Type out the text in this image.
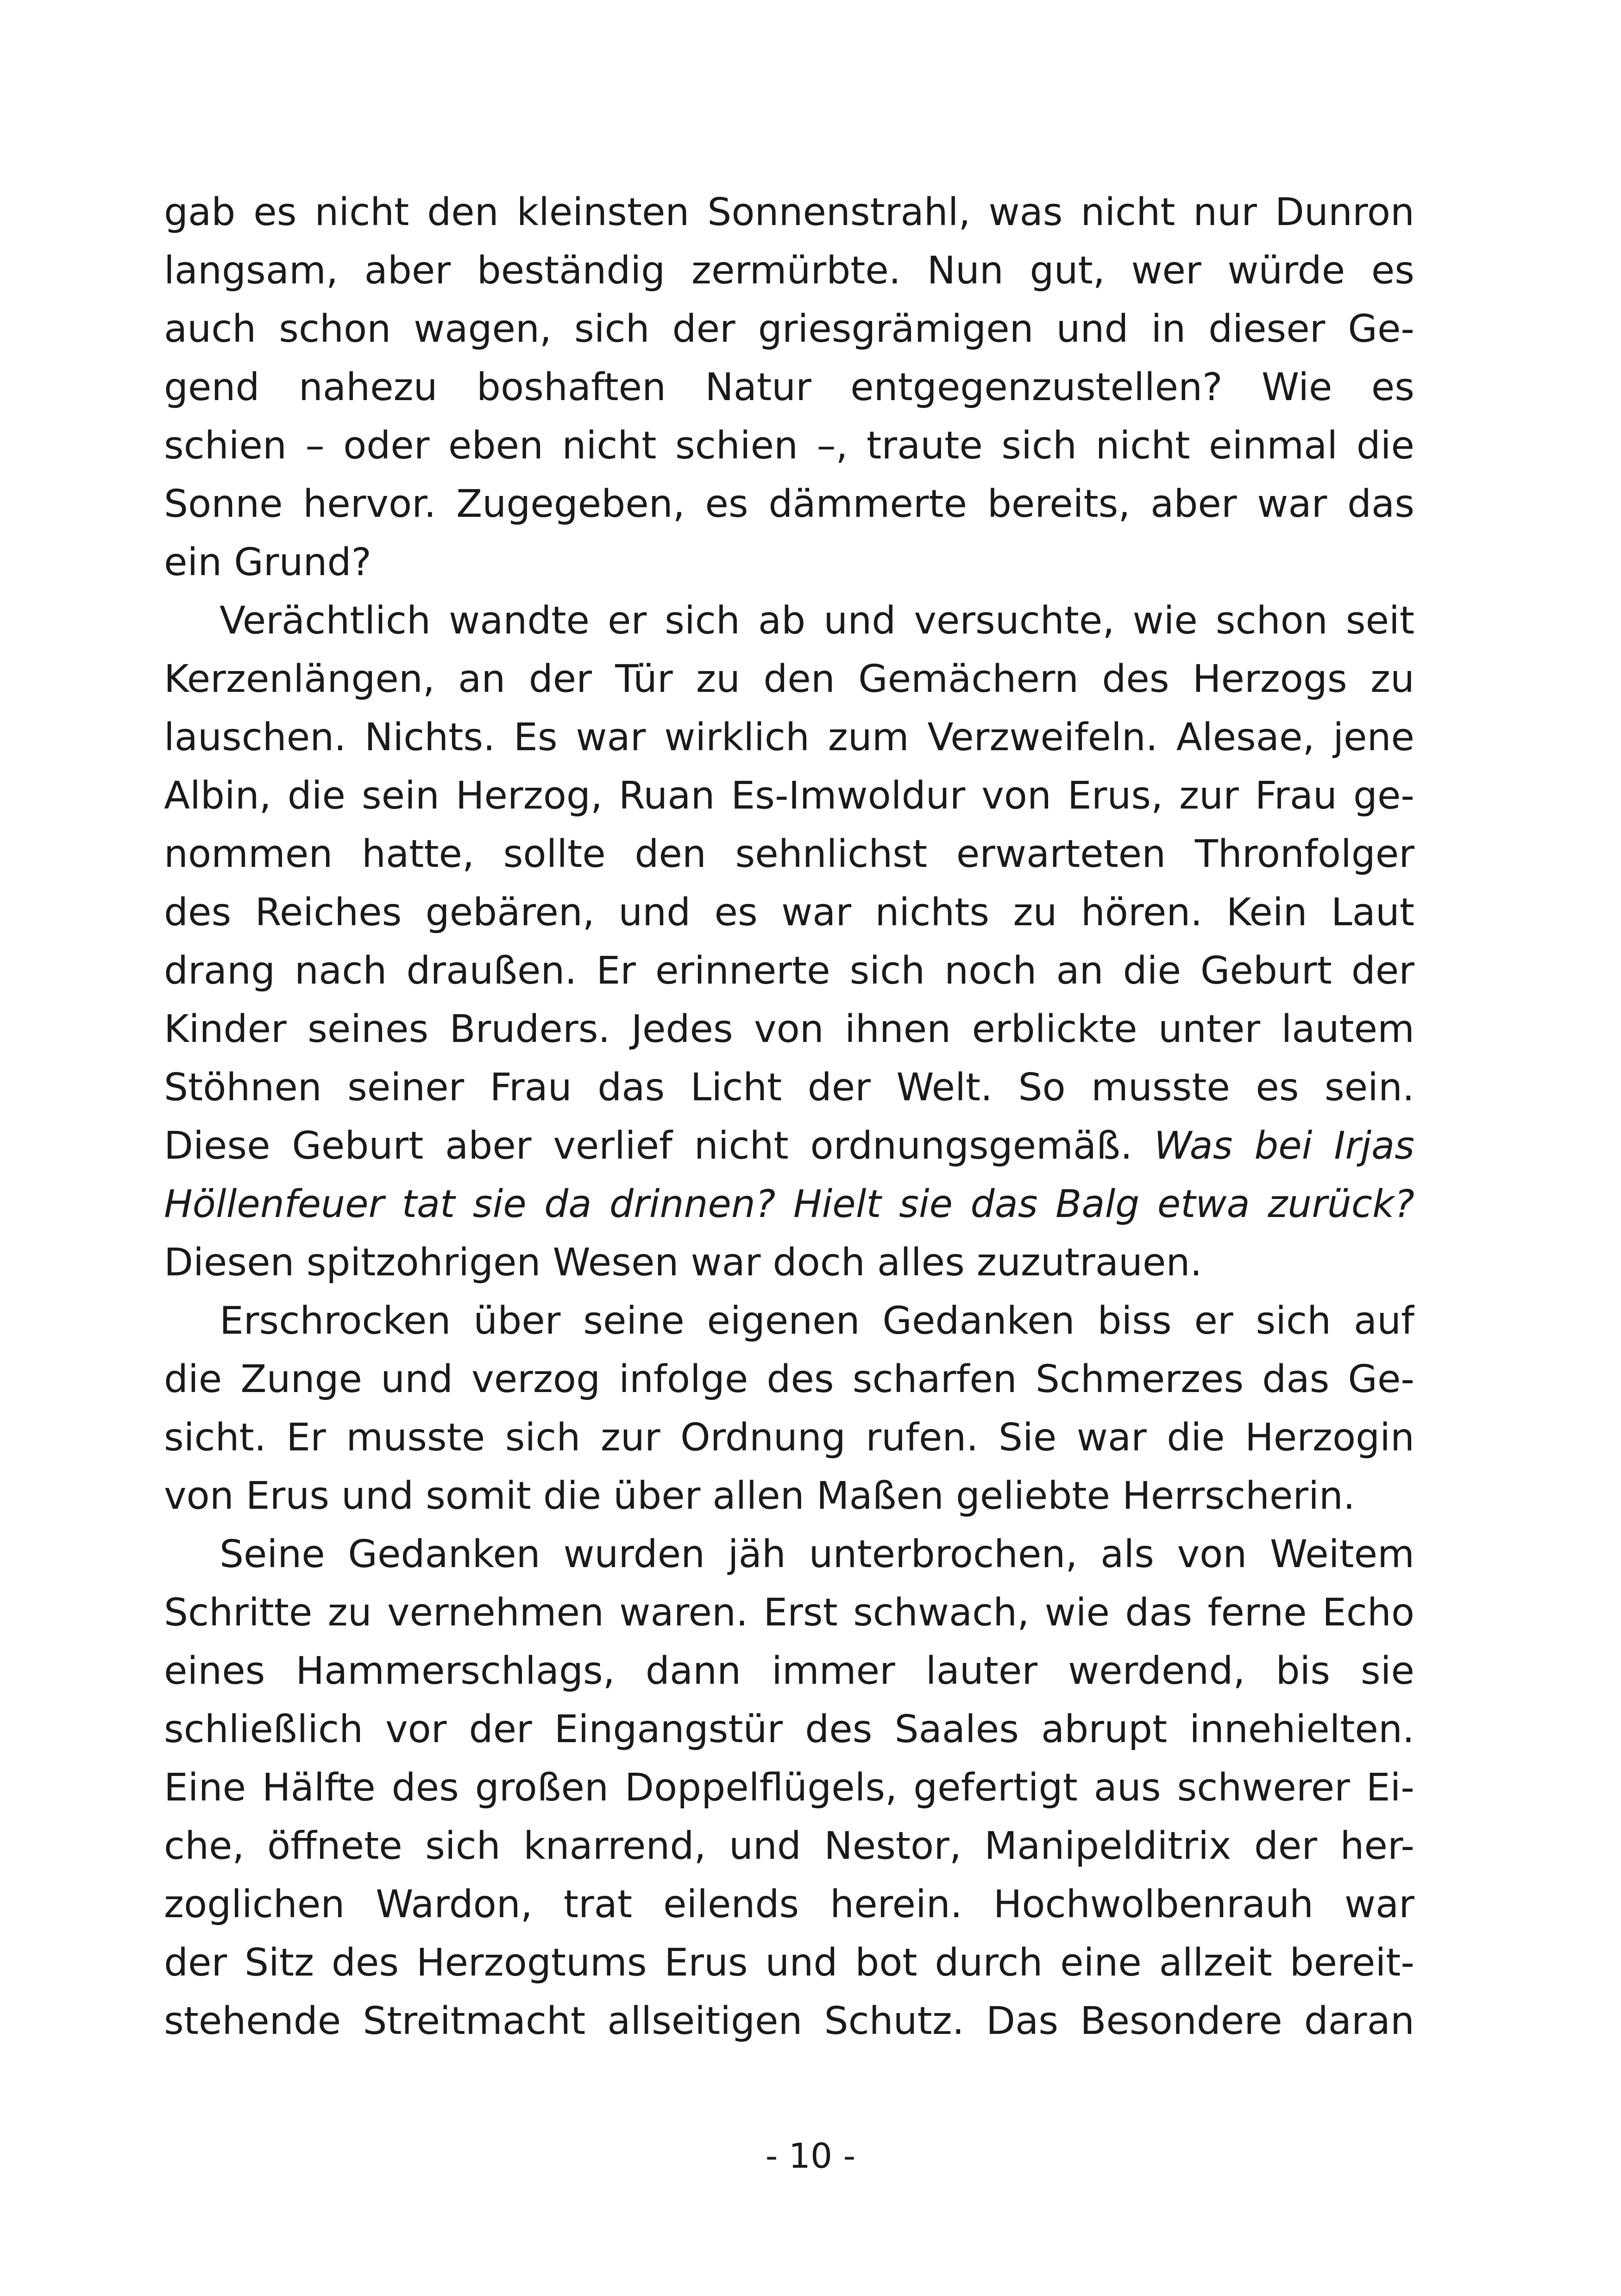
gab es nicht den kleinsten Sonnenstrahl, was nicht nur Dunron
langsam, aber beständig zermürbte. Nun gut, wer würde es
auch schon wagen, sich der griesgrämigen und in dieser Ge-
gend nahezu boshaften Natur entgegenzustellen? Wie es
schien – oder eben nicht schien –, traute sich nicht einmal die
Sonne hervor. Zugegeben, es dämmerte bereits, aber war das
ein Grund?
Verächtlich wandte er sich ab und versuchte, wie schon seit
Kerzenlängen, an der Tür zu den Gemächern des Herzogs zu
lauschen. Nichts. Es war wirklich zum Verzweifeln. Alesae, jene
Albin, die sein Herzog, Ruan Es-Imwoldur von Erus, zur Frau ge-
nommen hatte, sollte den sehnlichst erwarteten Thronfolger
des Reiches gebären, und es war nichts zu hören. Kein Laut
drang nach draußen. Er erinnerte sich noch an die Geburt der
Kinder seines Bruders. Jedes von ihnen erblickte unter lautem
Stöhnen seiner Frau das Licht der Welt. So musste es sein.
Diese Geburt aber verlief nicht ordnungsgemäß. Was bei Irjas
Höllenfeuer tat sie da drinnen? Hielt sie das Balg etwa zurück?
Diesen spitzohrigen Wesen war doch alles zuzutrauen.
Erschrocken über seine eigenen Gedanken biss er sich auf
die Zunge und verzog infolge des scharfen Schmerzes das Ge-
sicht. Er musste sich zur Ordnung rufen. Sie war die Herzogin
von Erus und somit die über allen Maßen geliebte Herrscherin.
Seine Gedanken wurden jäh unterbrochen, als von Weitem
Schritte zu vernehmen waren. Erst schwach, wie das ferne Echo
eines Hammerschlags, dann immer lauter werdend, bis sie
schließlich vor der Eingangstür des Saales abrupt innehielten.
Eine Hälfte des großen Doppelflügels, gefertigt aus schwerer Ei-
che, öffnete sich knarrend, und Nestor, Manipelditrix der her-
zoglichen Wardon, trat eilends herein. Hochwolbenrauh war
der Sitz des Herzogtums Erus und bot durch eine allzeit bereit-
stehende Streitmacht allseitigen Schutz. Das Besondere daran
- 10 -
